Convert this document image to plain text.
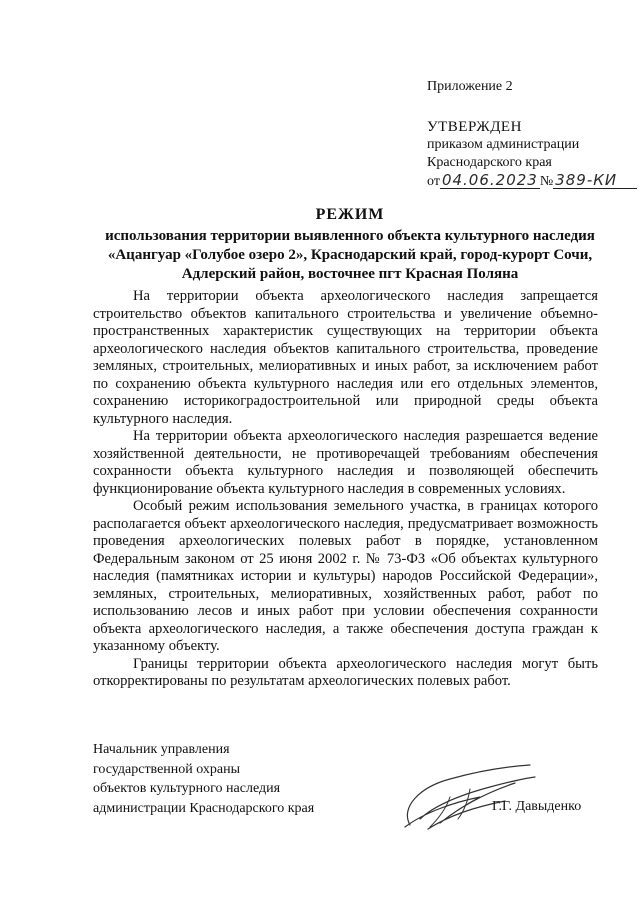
Приложение 2
УТВЕРЖДЕН
приказом администрации
Краснодарского края
от 04.06.2023 № 389-КИ
РЕЖИМ
использования территории выявленного объекта культурного наследия
«Ацангуар «Голубое озеро 2», Краснодарский край, город-курорт Сочи,
Адлерский район, восточнее пгт Красная Поляна

На территории объекта археологического наследия запрещается строительство объектов капитального строительства и увеличение объемно-пространственных характеристик существующих на территории объекта археологического наследия объектов капитального строительства, проведение земляных, строительных, мелиоративных и иных работ, за исключением работ по сохранению объекта культурного наследия или его отдельных элементов, сохранению историкоградостроительной или природной среды объекта культурного наследия.

На территории объекта археологического наследия разрешается ведение хозяйственной деятельности, не противоречащей требованиям обеспечения сохранности объекта культурного наследия и позволяющей обеспечить функционирование объекта культурного наследия в современных условиях.

Особый режим использования земельного участка, в границах которого располагается объект археологического наследия, предусматривает возможность проведения археологических полевых работ в порядке, установленном Федеральным законом от 25 июня 2002 г. № 73-ФЗ «Об объектах культурного наследия (памятниках истории и культуры) народов Российской Федерации», земляных, строительных, мелиоративных, хозяйственных работ, работ по использованию лесов и иных работ при условии обеспечения сохранности объекта археологического наследия, а также обеспечения доступа граждан к указанному объекту.

Границы территории объекта археологического наследия могут быть откорректированы по результатам археологических полевых работ.

Начальник управления
государственной охраны
объектов культурного наследия
администрации Краснодарского края	Г.Г. Давыденко
